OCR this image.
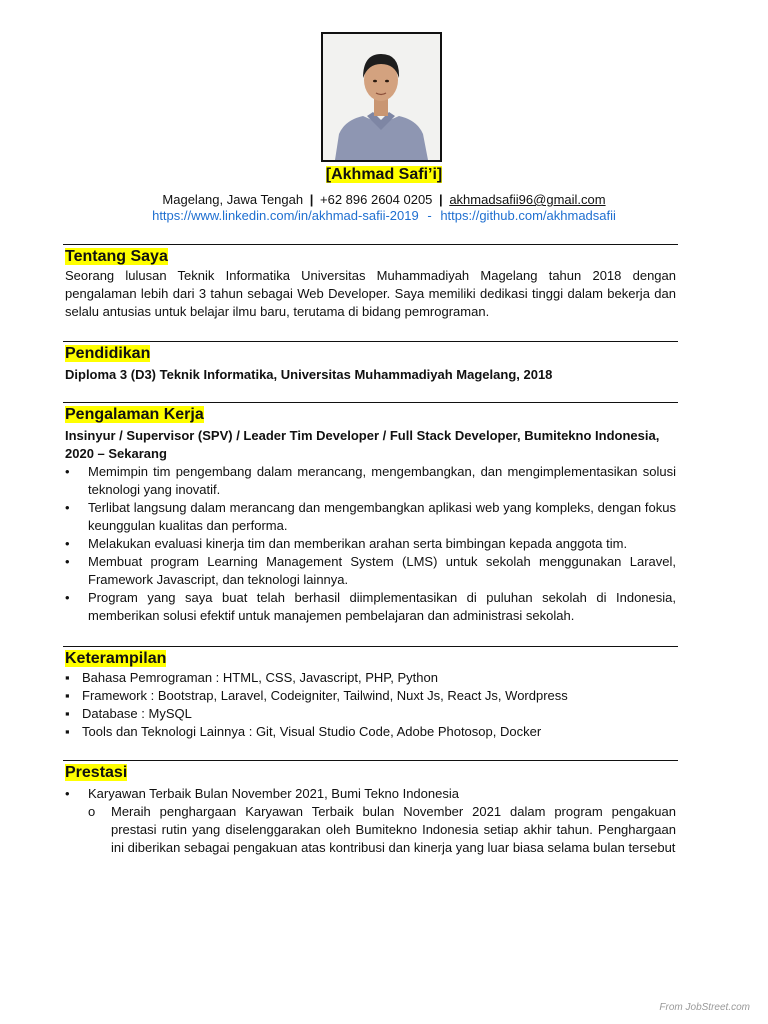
[Akhmad Safi’i]
Magelang, Jawa Tengah | +62 896 2604 0205 | akhmadsafii96@gmail.com
https://www.linkedin.com/in/akhmad-safii-2019 - https://github.com/akhmadsafii
Tentang Saya
Seorang lulusan Teknik Informatika Universitas Muhammadiyah Magelang tahun 2018 dengan pengalaman lebih dari 3 tahun sebagai Web Developer. Saya memiliki dedikasi tinggi dalam bekerja dan selalu antusias untuk belajar ilmu baru, terutama di bidang pemrograman.
Pendidikan
Diploma 3 (D3) Teknik Informatika, Universitas Muhammadiyah Magelang, 2018
Pengalaman Kerja
Insinyur / Supervisor (SPV) / Leader Tim Developer / Full Stack Developer, Bumitekno Indonesia, 2020 – Sekarang
• Memimpin tim pengembang dalam merancang, mengembangkan, dan mengimplementasikan solusi teknologi yang inovatif.
• Terlibat langsung dalam merancang dan mengembangkan aplikasi web yang kompleks, dengan fokus keunggulan kualitas dan performa.
• Melakukan evaluasi kinerja tim dan memberikan arahan serta bimbingan kepada anggota tim.
• Membuat program Learning Management System (LMS) untuk sekolah menggunakan Laravel, Framework Javascript, dan teknologi lainnya.
• Program yang saya buat telah berhasil diimplementasikan di puluhan sekolah di Indonesia, memberikan solusi efektif untuk manajemen pembelajaran dan administrasi sekolah.
Keterampilan
▪ Bahasa Pemrograman : HTML, CSS, Javascript, PHP, Python
▪ Framework : Bootstrap, Laravel, Codeigniter, Tailwind, Nuxt Js, React Js, Wordpress
▪ Database : MySQL
▪ Tools dan Teknologi Lainnya : Git, Visual Studio Code, Adobe Photosop, Docker
Prestasi
• Karyawan Terbaik Bulan November 2021, Bumi Tekno Indonesia
o Meraih penghargaan Karyawan Terbaik bulan November 2021 dalam program pengakuan prestasi rutin yang diselenggarakan oleh Bumitekno Indonesia setiap akhir tahun. Penghargaan ini diberikan sebagai pengakuan atas kontribusi dan kinerja yang luar biasa selama bulan tersebut
From JobStreet.com
